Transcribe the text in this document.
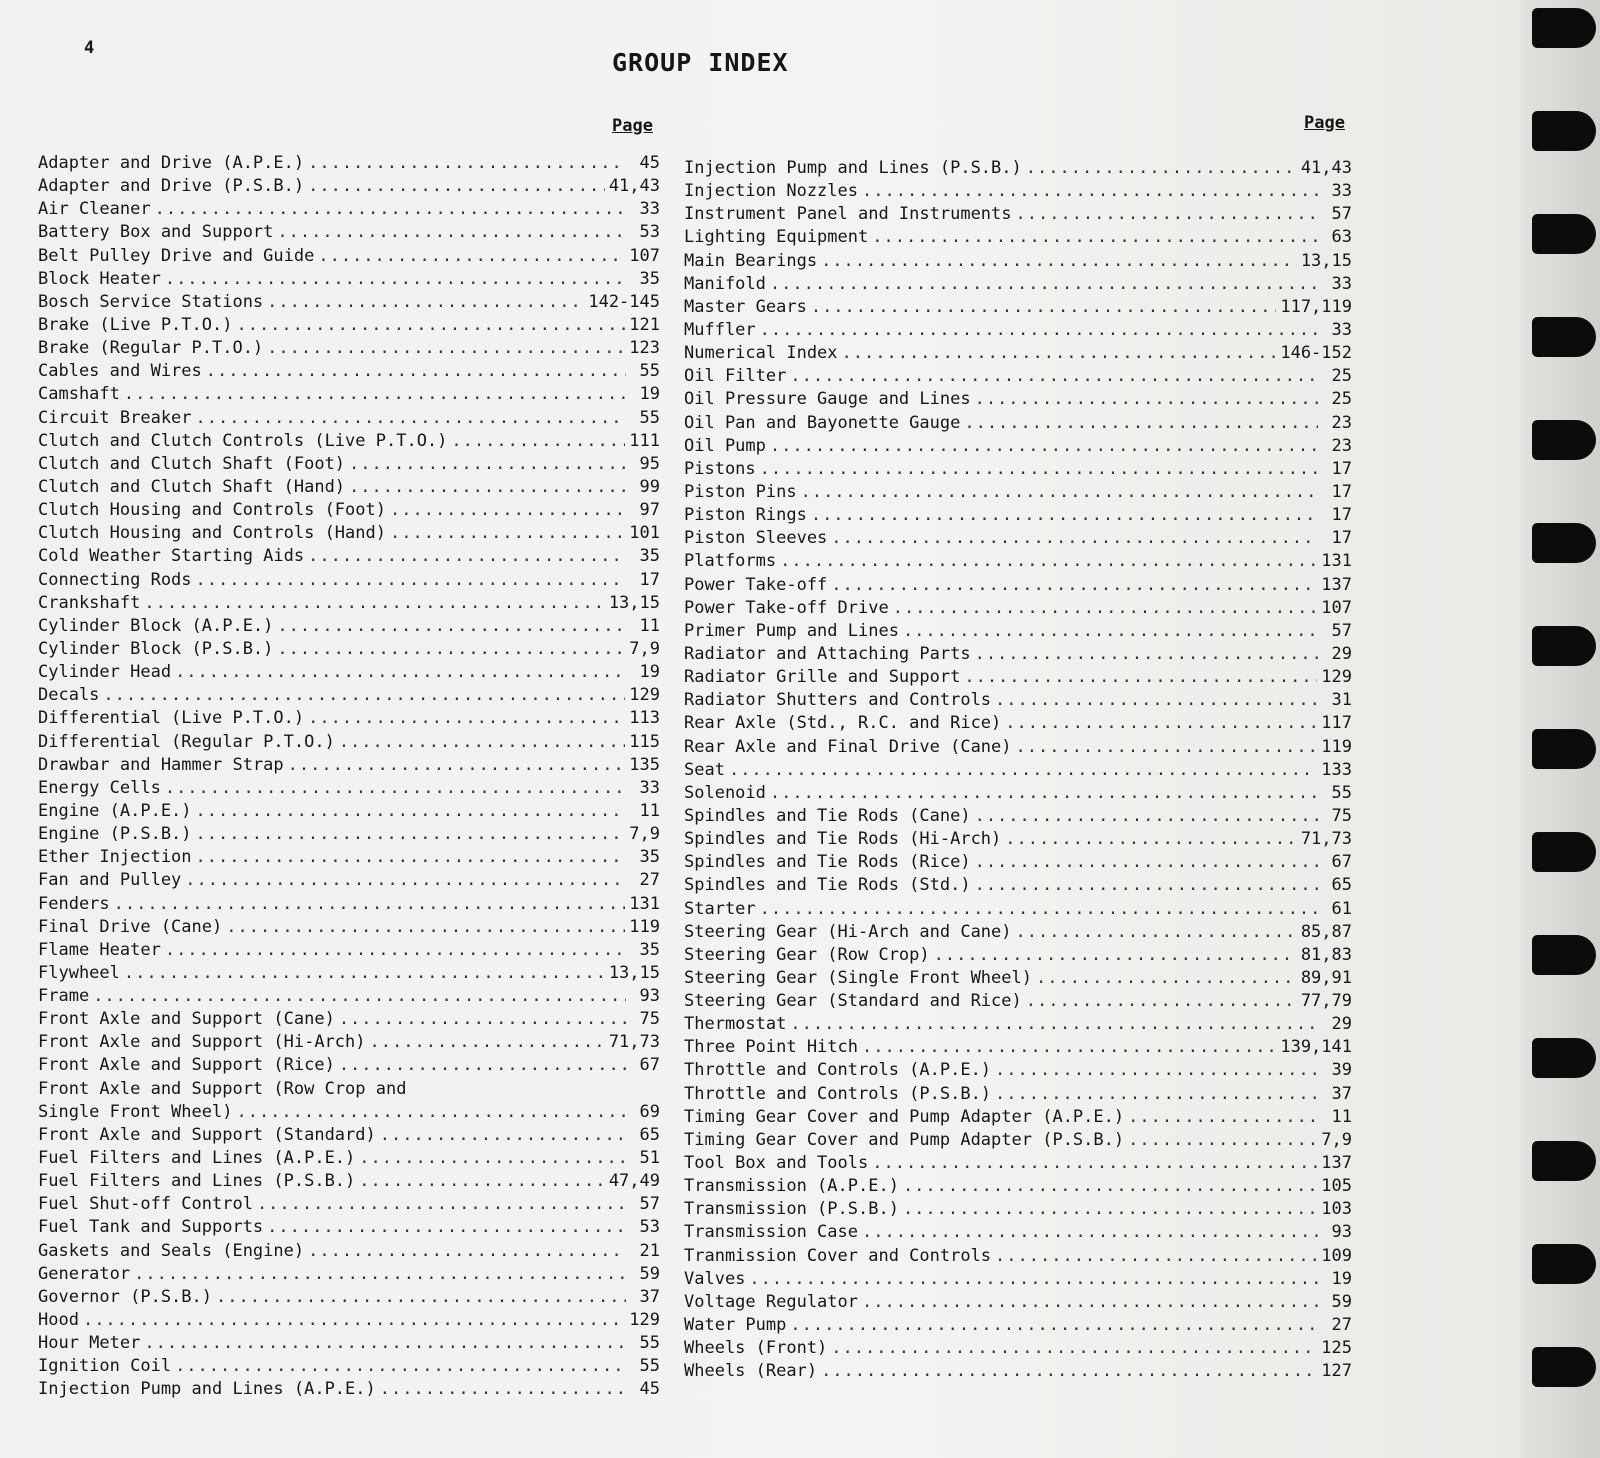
4	GROUP INDEX
Page	Page
Adapter and Drive (A.P.E.) .....	45
Adapter and Drive (P.S.B.) .....	41,43
Air Cleaner .....	33
Battery Box and Support .....	53
Belt Pulley Drive and Guide .....	107
Block Heater .....	35
Bosch Service Stations .....	142-145
Brake (Live P.T.O.) .....	121
Brake (Regular P.T.O.) .....	123
Cables and Wires .....	55
Camshaft .....	19
Circuit Breaker .....	55
Clutch and Clutch Controls (Live P.T.O.) .....	111
Clutch and Clutch Shaft (Foot) .....	95
Clutch and Clutch Shaft (Hand) .....	99
Clutch Housing and Controls (Foot) .....	97
Clutch Housing and Controls (Hand) .....	101
Cold Weather Starting Aids .....	35
Connecting Rods .....	17
Crankshaft .....	13,15
Cylinder Block (A.P.E.) .....	11
Cylinder Block (P.S.B.) .....	7,9
Cylinder Head .....	19
Decals .....	129
Differential (Live P.T.O.) .....	113
Differential (Regular P.T.O.) .....	115
Drawbar and Hammer Strap .....	135
Energy Cells .....	33
Engine (A.P.E.) .....	11
Engine (P.S.B.) .....	7,9
Ether Injection .....	35
Fan and Pulley .....	27
Fenders .....	131
Final Drive (Cane) .....	119
Flame Heater .....	35
Flywheel .....	13,15
Frame .....	93
Front Axle and Support (Cane) .....	75
Front Axle and Support (Hi-Arch) .....	71,73
Front Axle and Support (Rice) .....	67
Front Axle and Support (Row Crop and
Single Front Wheel) .....	69
Front Axle and Support (Standard) .....	65
Fuel Filters and Lines (A.P.E.) .....	51
Fuel Filters and Lines (P.S.B.) .....	47,49
Fuel Shut-off Control .....	57
Fuel Tank and Supports .....	53
Gaskets and Seals (Engine) .....	21
Generator .....	59
Governor (P.S.B.) .....	37
Hood .....	129
Hour Meter .....	55
Ignition Coil .....	55
Injection Pump and Lines (A.P.E.) .....	45
Injection Pump and Lines (P.S.B.) .....	41,43
Injection Nozzles .....	33
Instrument Panel and Instruments .....	57
Lighting Equipment .....	63
Main Bearings .....	13,15
Manifold .....	33
Master Gears .....	117,119
Muffler .....	33
Numerical Index .....	146-152
Oil Filter .....	25
Oil Pressure Gauge and Lines .....	25
Oil Pan and Bayonette Gauge .....	23
Oil Pump .....	23
Pistons .....	17
Piston Pins .....	17
Piston Rings .....	17
Piston Sleeves .....	17
Platforms .....	131
Power Take-off .....	137
Power Take-off Drive .....	107
Primer Pump and Lines .....	57
Radiator and Attaching Parts .....	29
Radiator Grille and Support .....	129
Radiator Shutters and Controls .....	31
Rear Axle (Std., R.C. and Rice) .....	117
Rear Axle and Final Drive (Cane) .....	119
Seat .....	133
Solenoid .....	55
Spindles and Tie Rods (Cane) .....	75
Spindles and Tie Rods (Hi-Arch) .....	71,73
Spindles and Tie Rods (Rice) .....	67
Spindles and Tie Rods (Std.) .....	65
Starter .....	61
Steering Gear (Hi-Arch and Cane) .....	85,87
Steering Gear (Row Crop) .....	81,83
Steering Gear (Single Front Wheel) .....	89,91
Steering Gear (Standard and Rice) .....	77,79
Thermostat .....	29
Three Point Hitch .....	139,141
Throttle and Controls (A.P.E.) .....	39
Throttle and Controls (P.S.B.) .....	37
Timing Gear Cover and Pump Adapter (A.P.E.) .....	11
Timing Gear Cover and Pump Adapter (P.S.B.) .....	7,9
Tool Box and Tools .....	137
Transmission (A.P.E.) .....	105
Transmission (P.S.B.) .....	103
Transmission Case .....	93
Tranmission Cover and Controls .....	109
Valves .....	19
Voltage Regulator .....	59
Water Pump .....	27
Wheels (Front) .....	125
Wheels (Rear) .....	127
